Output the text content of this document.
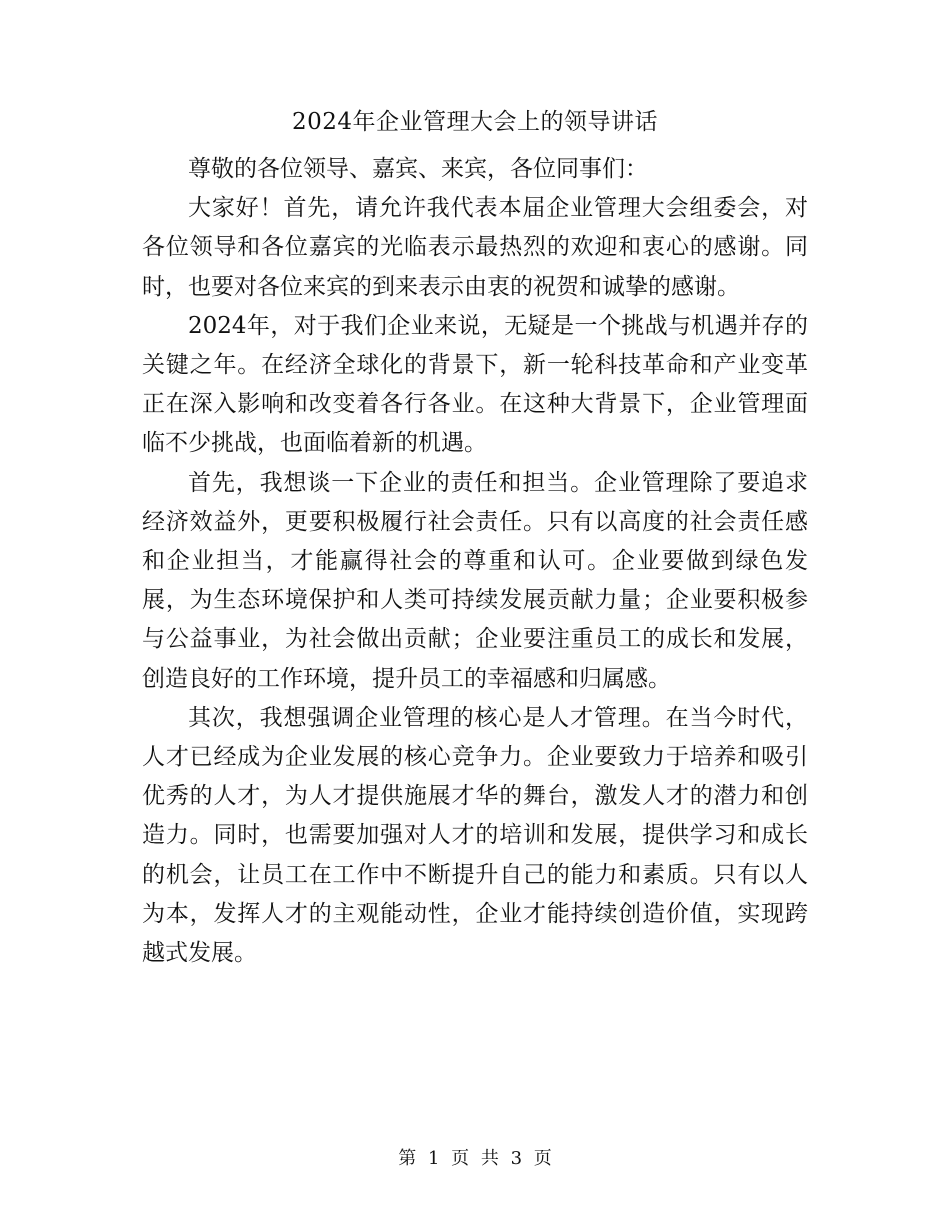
2024年企业管理大会上的领导讲话

尊敬的各位领导、嘉宾、来宾，各位同事们：

大家好！首先，请允许我代表本届企业管理大会组委会，对各位领导和各位嘉宾的光临表示最热烈的欢迎和衷心的感谢。同时，也要对各位来宾的到来表示由衷的祝贺和诚挚的感谢。

2024年，对于我们企业来说，无疑是一个挑战与机遇并存的关键之年。在经济全球化的背景下，新一轮科技革命和产业变革正在深入影响和改变着各行各业。在这种大背景下，企业管理面临不少挑战，也面临着新的机遇。

首先，我想谈一下企业的责任和担当。企业管理除了要追求经济效益外，更要积极履行社会责任。只有以高度的社会责任感和企业担当，才能赢得社会的尊重和认可。企业要做到绿色发展，为生态环境保护和人类可持续发展贡献力量；企业要积极参与公益事业，为社会做出贡献；企业要注重员工的成长和发展，创造良好的工作环境，提升员工的幸福感和归属感。

其次，我想强调企业管理的核心是人才管理。在当今时代，人才已经成为企业发展的核心竞争力。企业要致力于培养和吸引优秀的人才，为人才提供施展才华的舞台，激发人才的潜力和创造力。同时，也需要加强对人才的培训和发展，提供学习和成长的机会，让员工在工作中不断提升自己的能力和素质。只有以人为本，发挥人才的主观能动性，企业才能持续创造价值，实现跨越式发展。

第 1 页 共 3 页
